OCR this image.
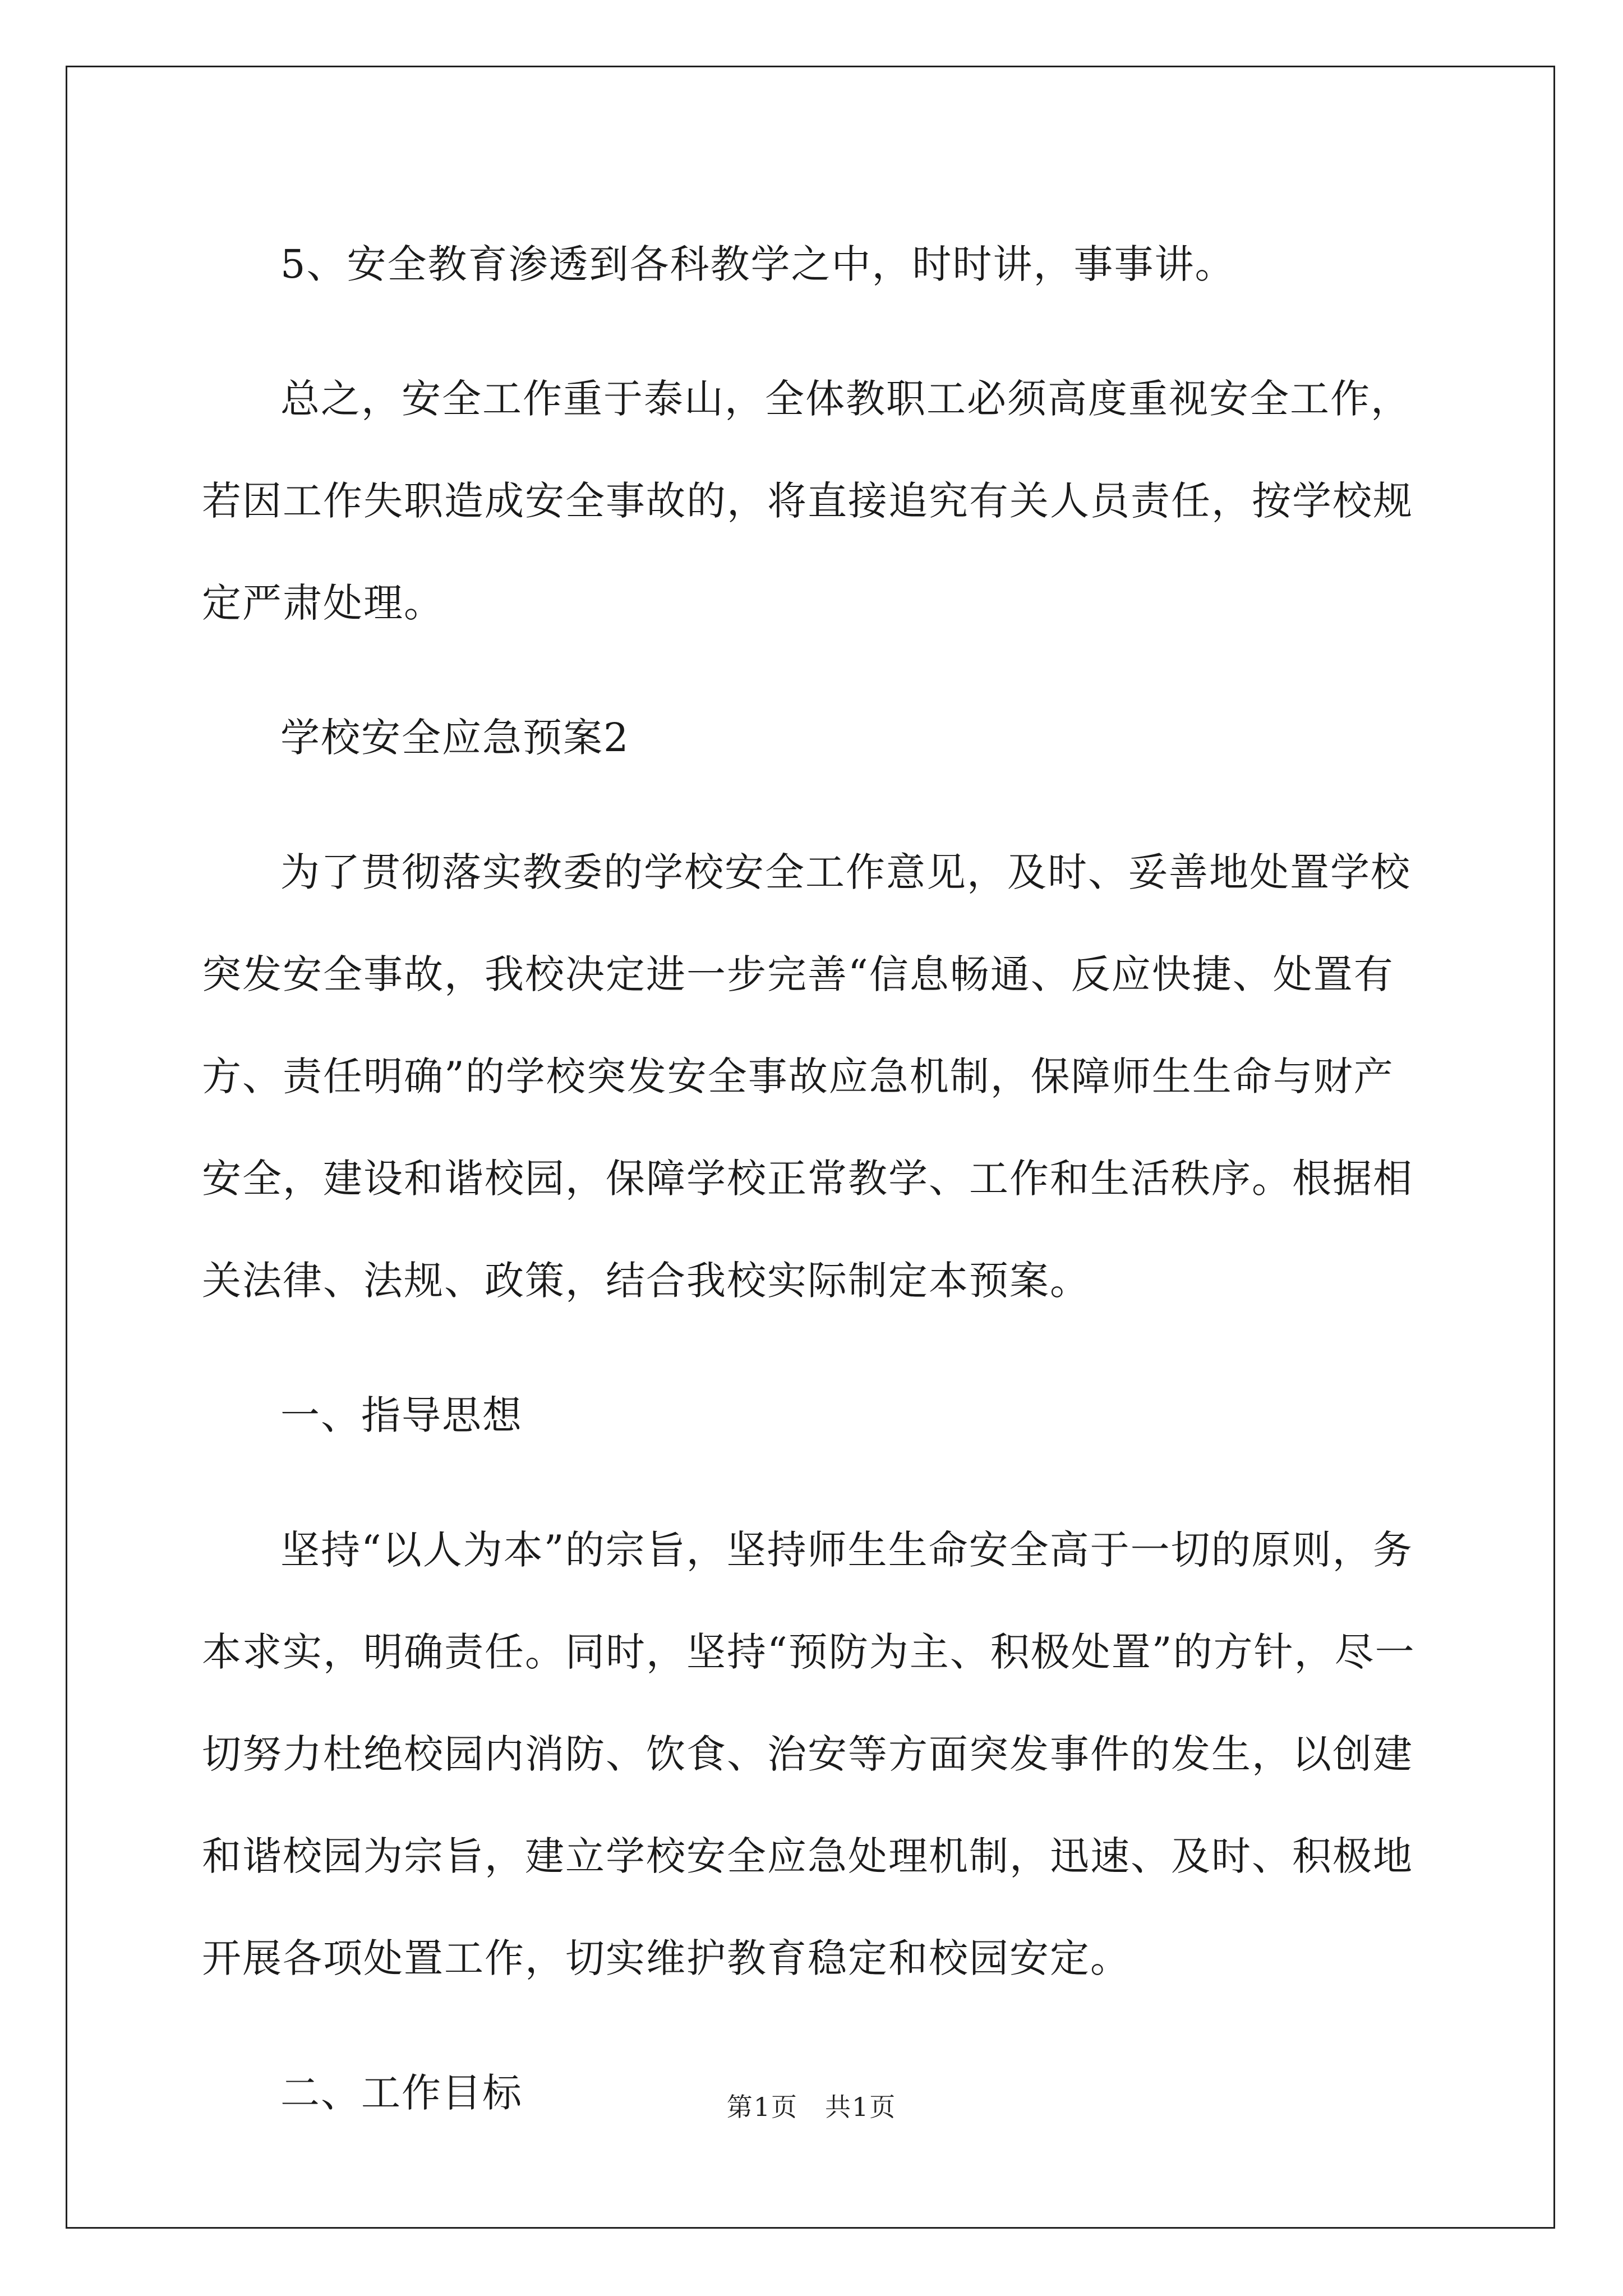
5、安全教育渗透到各科教学之中，时时讲，事事讲。

总之，安全工作重于泰山，全体教职工必须高度重视安全工作，若因工作失职造成安全事故的，将直接追究有关人员责任，按学校规定严肃处理。

学校安全应急预案2

为了贯彻落实教委的学校安全工作意见，及时、妥善地处置学校突发安全事故，我校决定进一步完善“信息畅通、反应快捷、处置有方、责任明确”的学校突发安全事故应急机制，保障师生生命与财产安全，建设和谐校园，保障学校正常教学、工作和生活秩序。根据相关法律、法规、政策，结合我校实际制定本预案。

一、指导思想

坚持“以人为本”的宗旨，坚持师生生命安全高于一切的原则，务本求实，明确责任。同时，坚持“预防为主、积极处置”的方针，尽一切努力杜绝校园内消防、饮食、治安等方面突发事件的发生，以创建和谐校园为宗旨，建立学校安全应急处理机制，迅速、及时、积极地开展各项处置工作，切实维护教育稳定和校园安定。

二、工作目标	第1页　共1页
